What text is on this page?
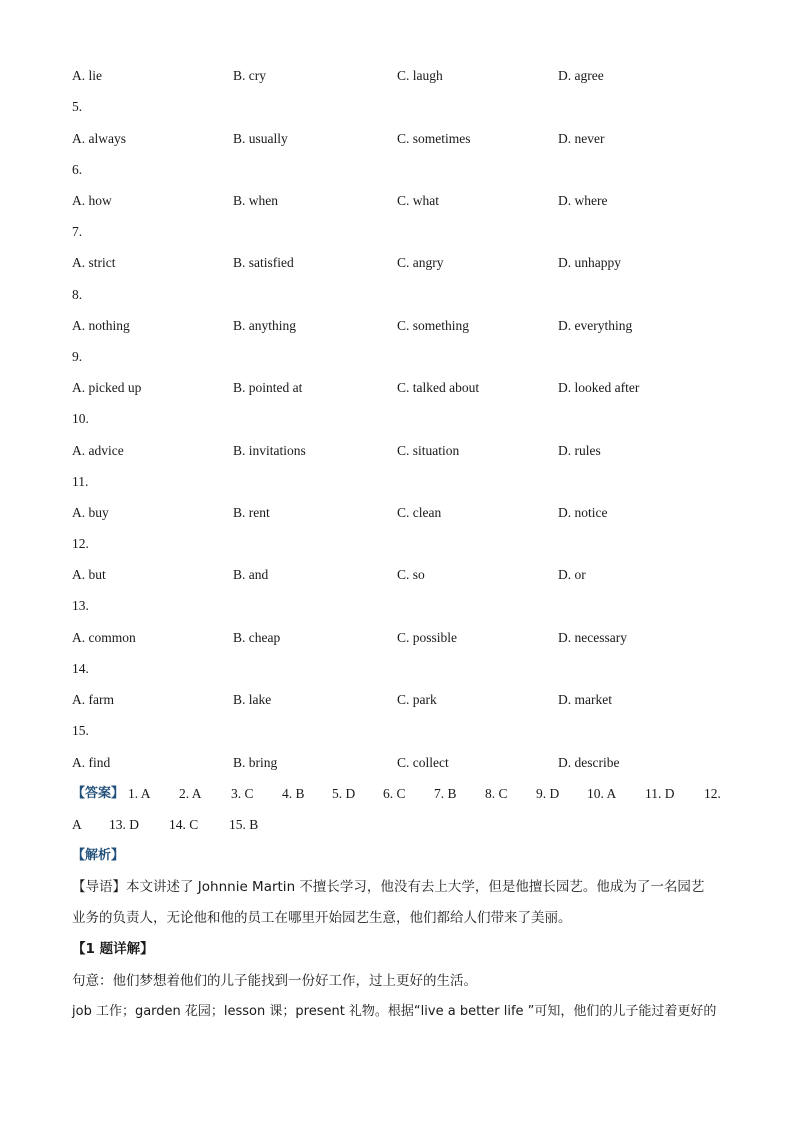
A. lie	B. cry	C. laugh	D. agree
5.
A. always	B. usually	C. sometimes	D. never
6.
A. how	B. when	C. what	D. where
7.
A. strict	B. satisfied	C. angry	D. unhappy
8.
A. nothing	B. anything	C. something	D. everything
9.
A. picked up	B. pointed at	C. talked about	D. looked after
10.
A. advice	B. invitations	C. situation	D. rules
11.
A. buy	B. rent	C. clean	D. notice
12.
A. but	B. and	C. so	D. or
13.
A. common	B. cheap	C. possible	D. necessary
14.
A. farm	B. lake	C. park	D. market
15.
A. find	B. bring	C. collect	D. describe
【答案】 1. A 2. A 3. C 4. B 5. D 6. C 7. B 8. C 9. D 10. A 11. D 12.
A 13. D 14. C 15. B
【解析】
【导语】本文讲述了 Johnnie Martin 不擅长学习，他没有去上大学，但是他擅长园艺。他成为了一名园艺
业务的负责人，无论他和他的员工在哪里开始园艺生意，他们都给人们带来了美丽。
【1 题详解】
句意：他们梦想着他们的儿子能找到一份好工作，过上更好的生活。
job 工作；garden 花园；lesson 课；present 礼物。根据“live a better life ”可知，他们的儿子能过着更好的
